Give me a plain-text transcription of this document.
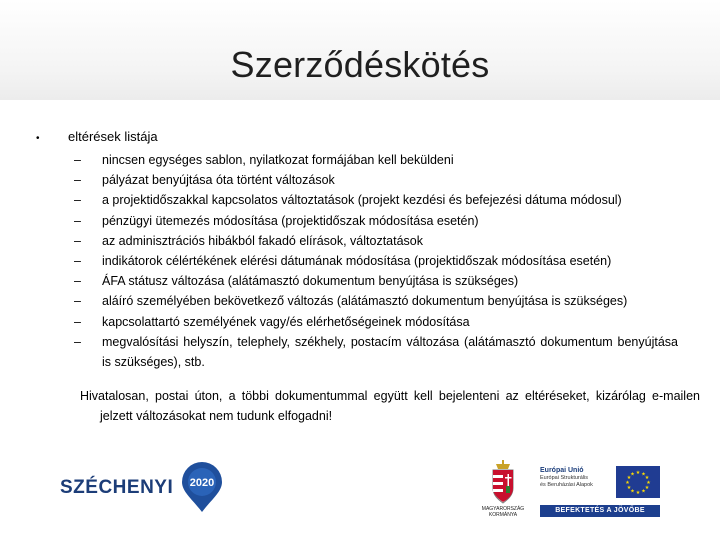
Szerződéskötés
• eltérések listája
– nincsen egységes sablon, nyilatkozat formájában kell beküldeni
– pályázat benyújtása óta történt változások
– a projektidőszakkal kapcsolatos változtatások (projekt kezdési és befejezési dátuma módosul)
– pénzügyi ütemezés módosítása (projektidőszak módosítása esetén)
– az adminisztrációs hibákból fakadó elírások, változtatások
– indikátorok célértékének elérési dátumának módosítása (projektidőszak módosítása esetén)
– ÁFA státusz változása (alátámasztó dokumentum benyújtása is szükséges)
– aláíró személyében bekövetkező változás (alátámasztó dokumentum benyújtása is szükséges)
– kapcsolattartó személyének vagy/és elérhetőségeinek módosítása
– megvalósítási helyszín, telephely, székhely, postacím változása (alátámasztó dokumentum benyújtása is szükséges), stb.
Hivatalosan, postai úton, a többi dokumentummal együtt kell bejelenteni az eltéréseket, kizárólag e-mailen jelzett változásokat nem tudunk elfogadni!
SZÉCHENYI 2020
MAGYARORSZÁG
KORMÁNYA
Európai Unió
Európai Strukturális
és Beruházási Alapok
★ ★
★
★
★
★
★
★
★
★
★
★
BEFEKTETÉS A JÖVŐBE
